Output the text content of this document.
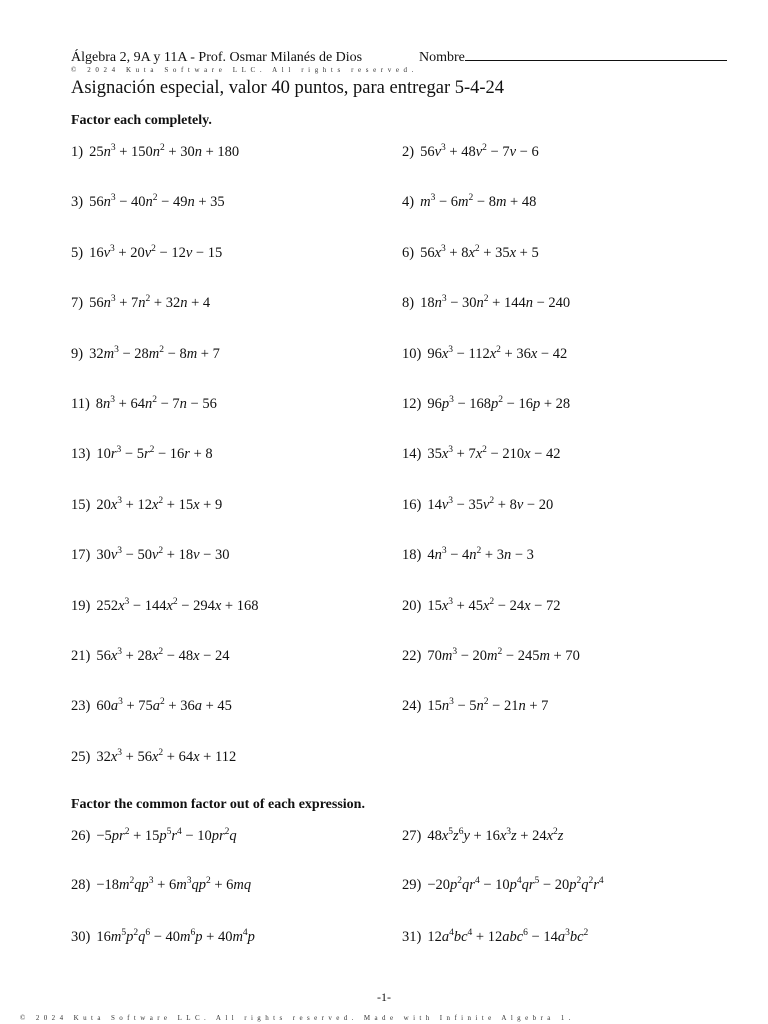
Álgebra 2, 9A y 11A - Prof. Osmar Milanés de Dios	Nombre
© 2024 Kuta Software LLC. All rights reserved.
Asignación especial, valor 40 puntos, para entregar 5-4-24
Factor each completely.
1) $25n^3 + 150n^2 + 30n + 180$	2) $56v^3 + 48v^2 - 7v - 6$
3) $56n^3 - 40n^2 - 49n + 35$	4) $m^3 - 6m^2 - 8m + 48$
5) $16v^3 + 20v^2 - 12v - 15$	6) $56x^3 + 8x^2 + 35x + 5$
7) $56n^3 + 7n^2 + 32n + 4$	8) $18n^3 - 30n^2 + 144n - 240$
9) $32m^3 - 28m^2 - 8m + 7$	10) $96x^3 - 112x^2 + 36x - 42$
11) $8n^3 + 64n^2 - 7n - 56$	12) $96p^3 - 168p^2 - 16p + 28$
13) $10r^3 - 5r^2 - 16r + 8$	14) $35x^3 + 7x^2 - 210x - 42$
15) $20x^3 + 12x^2 + 15x + 9$	16) $14v^3 - 35v^2 + 8v - 20$
17) $30v^3 - 50v^2 + 18v - 30$	18) $4n^3 - 4n^2 + 3n - 3$
19) $252x^3 - 144x^2 - 294x + 168$	20) $15x^3 + 45x^2 - 24x - 72$
21) $56x^3 + 28x^2 - 48x - 24$	22) $70m^3 - 20m^2 - 245m + 70$
23) $60a^3 + 75a^2 + 36a + 45$	24) $15n^3 - 5n^2 - 21n + 7$
25) $32x^3 + 56x^2 + 64x + 112$
Factor the common factor out of each expression.
$26) -5pr^2 + 15p^5r^4 - 10pr^2q$	27) $48x^5z^6y + 16x^3z + 24x^2z$
$28) -18m^2qp^3 + 6m^3qp^2 + 6mq$	$29) -20p^2qr^4 - 10p^4qr^5 - 20p^2q^2r^4$
30) $16m^5p^2q^6 - 40m^6p + 40m^4p$	31) $12a^4bc^4 + 12abc^6 - 14a^3bc^2$
-1-
© 2024 Kuta Software LLC. All rights reserved. Made with Infinite Algebra 1.
